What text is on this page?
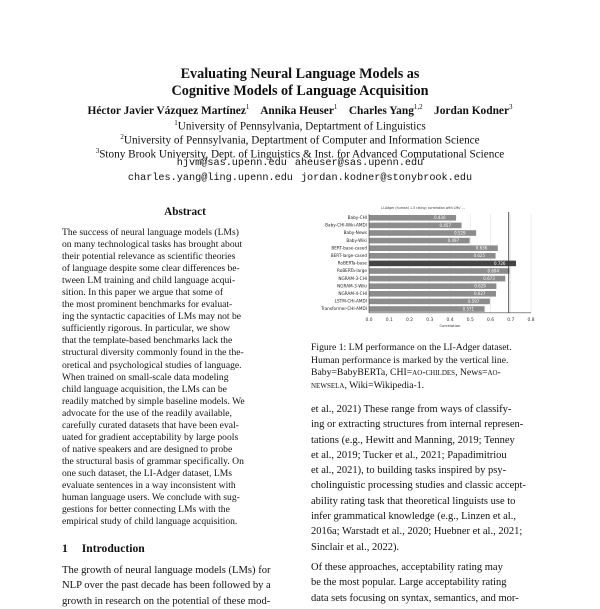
Evaluating Neural Language Models as
Cognitive Models of Language Acquisition
Héctor Javier Vázquez Martínez$^1$ Annika Heuser$^1$ Charles Yang$^{1,2}$ Jordan Kodner$^3$
$^1$University of Pennsylvania, Deptartment of Linguistics
$^2$University of Pennsylvania, Deptartment of Computer and Information Science
$^3$Stony Brook University, Dept. of Linguistics & Inst. for Advanced Computational Science
hjvm@sas.upenn.edu aheuser@sas.upenn.edu
charles.yang@ling.upenn.edu jordan.kodner@stonybrook.edu
Abstract
The success of neural language models (LMs)
on many technological tasks has brought about
their potential relevance as scientific theories
of language despite some clear differences be-
tween LM training and child language acqui-
sition. In this paper we argue that some of
the most prominent benchmarks for evaluat-
ing the syntactic capacities of LMs may not be
sufficiently rigorous. In particular, we show
that the template-based benchmarks lack the
structural diversity commonly found in the the-
oretical and psychological studies of language.
When trained on small-scale data modeling
child language acquisition, the LMs can be
readily matched by simple baseline models. We
advocate for the use of the readily available,
carefully curated datasets that have been eval-
uated for gradient acceptability by large pools
of native speakers and are designed to probe
the structural basis of grammar specifically. On
one such dataset, the LI-Adger dataset, LMs
evaluate sentences in a way inconsistent with
human language users. We conclude with sug-
gestions for better connecting LMs with the
empirical study of child language acquisition.
1 Introduction
The growth of neural language models (LMs) for
NLP over the past decade has been followed by a
growth in research on the potential of these mod-
LI-Adger (human) 1-5 rating; correlation with LMs' ...
0.0	0.1	0.2	0.3	0.4	0.5	0.6	0.7	0.8
Correlation
Baby-CHI	0.430
Baby-CHI-Wiki-AMDI	0.457
Baby-News	0.529
Baby-Wiki	0.497
BERT-base-cased	0.636
BERT-large-cased	0.625
RoBERTa-base	0.726
RoBERTa-large	0.694
NGRAM-3-CHI	0.673
NGRAM-3-Wiki	0.629
NGRAM-4-CHI	0.627
LSTM-CHI-AMDI	0.597
Transformer-CHI-AMDI	0.571
Figure 1: LM performance on the LI-Adger dataset.
Human performance is marked by the vertical line.
Baby=BabyBERTa, CHI=ao-childes, News=ao-
newsela, Wiki=Wikipedia-1.
et al., 2021) These range from ways of classify-
ing or extracting structures from internal represen-
tations (e.g., Hewitt and Manning, 2019; Tenney
et al., 2019; Tucker et al., 2021; Papadimitriou
et al., 2021), to building tasks inspired by psy-
cholinguistic processing studies and classic accept-
ability rating task that theoretical linguists use to
infer grammatical knowledge (e.g., Linzen et al.,
2016a; Warstadt et al., 2020; Huebner et al., 2021;
Sinclair et al., 2022).
Of these approaches, acceptability rating may
be the most popular. Large acceptability rating
data sets focusing on syntax, semantics, and mor-
